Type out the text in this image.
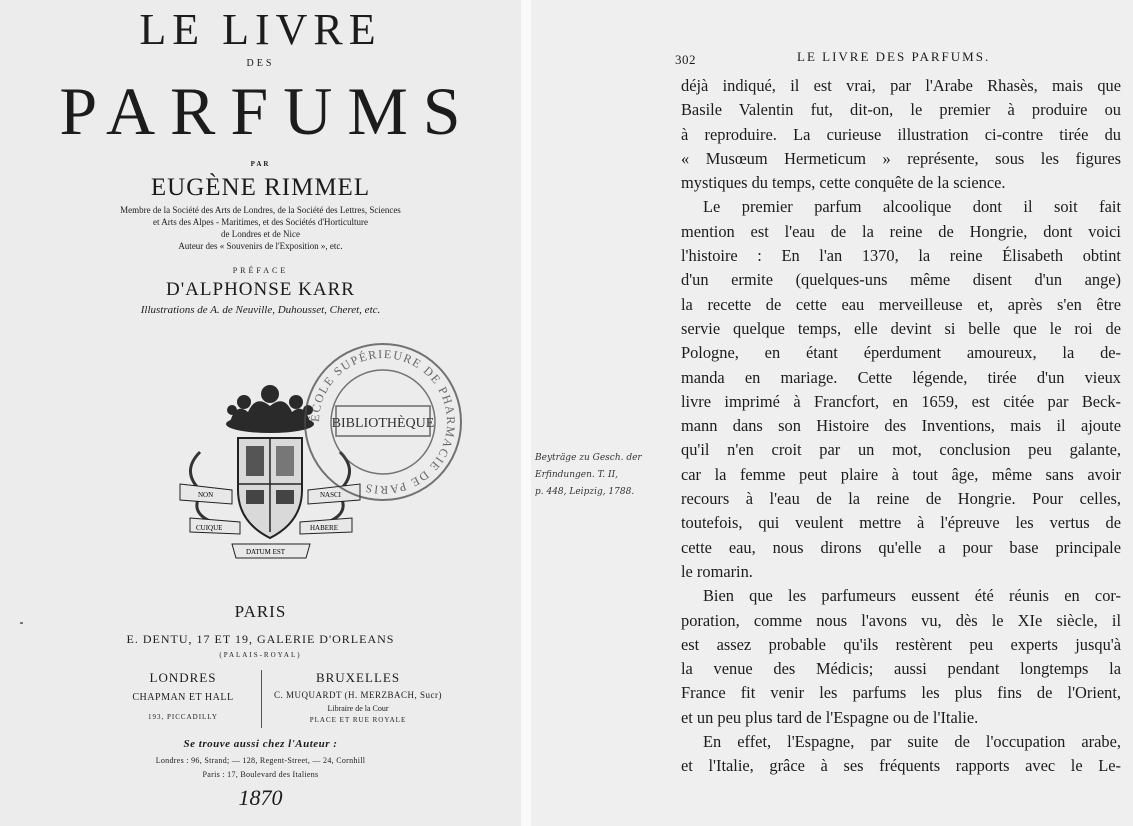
LE LIVRE
DES
PARFUMS
PAR
EUGÈNE RIMMEL
Membre de la Société des Arts de Londres, de la Société des Lettres, Sciences
et Arts des Alpes - Maritimes, et des Sociétés d'Horticulture
de Londres et de Nice
Auteur des « Souvenirs de l'Exposition », etc.
PRÉFACE
D'ALPHONSE KARR
Illustrations de A. de Neuville, Duhousset, Cheret, etc.
NON	NASCI
CUIQUE	HABERE
DATUM EST
ÉCOLE SUPÉRIEURE DE PHARMACIE DE PARIS
BIBLIOTHÈQUE
PARIS
E. DENTU, 17 ET 19, GALERIE D'ORLEANS
(PALAIS-ROYAL)
LONDRES
CHAPMAN ET HALL
193, PICCADILLY
BRUXELLES
C. MUQUARDT (H. MERZBACH, Sucr)
Libraire de la Cour
PLACE ET RUE ROYALE
Se trouve aussi chez l'Auteur :
Londres : 96, Strand; — 128, Regent-Street, — 24, Cornhill
Paris : 17, Boulevard des Italiens
1870
302	LE LIVRE DES PARFUMS.
Beyträge zu Gesch. der
Erfindungen. T. II,
p. 448, Leipzig, 1788.
déjà indiqué, il est vrai, par l'Arabe Rhasès, mais que
Basile Valentin fut, dit-on, le premier à produire ou
à reproduire. La curieuse illustration ci-contre tirée du
« Musœum Hermeticum » représente, sous les figures
mystiques du temps, cette conquête de la science.
Le premier parfum alcoolique dont il soit fait
mention est l'eau de la reine de Hongrie, dont voici
l'histoire : En l'an 1370, la reine Élisabeth obtint
d'un ermite (quelques-uns même disent d'un ange)
la recette de cette eau merveilleuse et, après s'en être
servie quelque temps, elle devint si belle que le roi de
Pologne, en étant éperdument amoureux, la de-
manda en mariage. Cette légende, tirée d'un vieux
livre imprimé à Francfort, en 1659, est citée par Beck-
mann dans son Histoire des Inventions, mais il ajoute
qu'il n'en croit par un mot, conclusion peu galante,
car la femme peut plaire à tout âge, même sans avoir
recours à l'eau de la reine de Hongrie. Pour celles,
toutefois, qui veulent mettre à l'épreuve les vertus de
cette eau, nous dirons qu'elle a pour base principale
le romarin.
Bien que les parfumeurs eussent été réunis en cor-
poration, comme nous l'avons vu, dès le XIe siècle, il
est assez probable qu'ils restèrent peu experts jusqu'à
la venue des Médicis; aussi pendant longtemps la
France fit venir les parfums les plus fins de l'Orient,
et un peu plus tard de l'Espagne ou de l'Italie.
En effet, l'Espagne, par suite de l'occupation arabe,
et l'Italie, grâce à ses fréquents rapports avec le Le-
